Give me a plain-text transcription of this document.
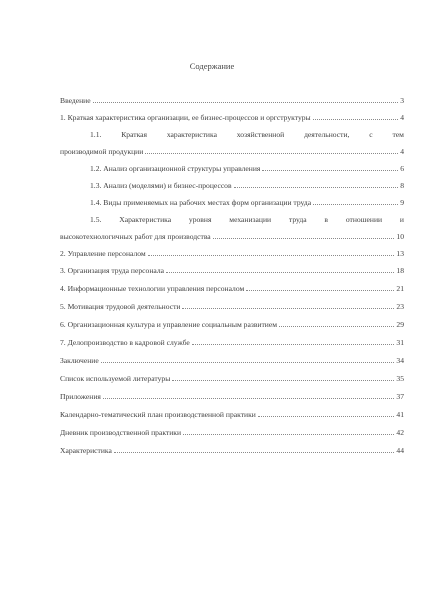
Содержание
Введение	3
1. Краткая характеристика организации, ее бизнес-процессов и оргструктуры	4
1.1. Краткая характеристика хозяйственной деятельности, с тем
производимой продукции	4
1.2. Анализ организационной структуры управления	6
1.3. Анализ (моделями) и бизнес-процессов	8
1.4. Виды применяемых на рабочих местах форм организации труда	9
1.5. Характеристика уровня механизации труда в отношении и
высокотехнологичных работ для производства	10
2. Управление персоналом	13
3. Организация труда персонала	18
4. Информационные технологии управления персоналом	21
5. Мотивация трудовой деятельности	23
6. Организационная культура и управление социальным развитием	29
7. Делопроизводство в кадровой службе	31
Заключение	34
Список используемой литературы	35
Приложения	37
Календарно-тематический план производственной практики	41
Дневник производственной практики	42
Характеристика	44
